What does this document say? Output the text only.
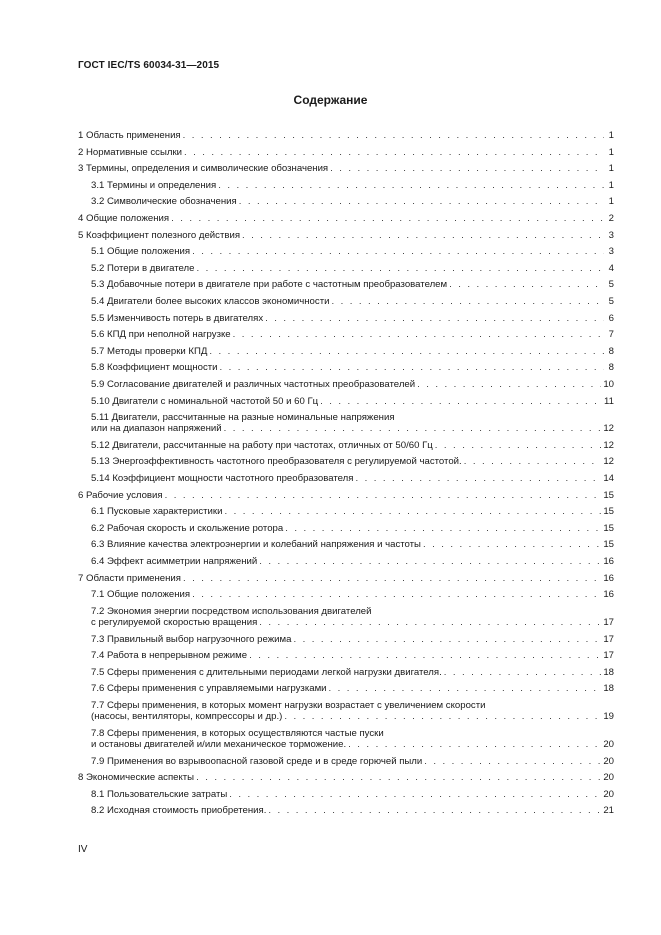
ГОСТ IEC/TS 60034-31—2015
Содержание
1 Область применения . . .	1
2 Нормативные ссылки . . .	1
3 Термины, определения и символические обозначения . . .	1
3.1 Термины и определения . . .	1
3.2 Символические обозначения . . .	1
4 Общие положения . . .	2
5 Коэффициент полезного действия . . .	3
5.1 Общие положения . . .	3
5.2 Потери в двигателе . . .	4
5.3 Добавочные потери в двигателе при работе с частотным преобразователем . . .	5
5.4 Двигатели более высоких классов экономичности . . .	5
5.5 Изменчивость потерь в двигателях . . .	6
5.6 КПД при неполной нагрузке . . .	7
5.7 Методы проверки КПД . . .	8
5.8 Коэффициент мощности . . .	8
5.9 Согласование двигателей и различных частотных преобразователей . . .	10
5.10 Двигатели с номинальной частотой 50 и 60 Гц . . .	11
5.11 Двигатели, рассчитанные на разные номинальные напряжения
или на диапазон напряжений . . .	12
5.12 Двигатели, рассчитанные на работу при частотах, отличных от 50/60 Гц . . .	12
5.13 Энергоэффективность частотного преобразователя с регулируемой частотой. . . .	12
5.14 Коэффициент мощности частотного преобразователя . . .	14
6 Рабочие условия . . .	15
6.1 Пусковые характеристики . . .	15
6.2 Рабочая скорость и скольжение ротора . . .	15
6.3 Влияние качества электроэнергии и колебаний напряжения и частоты . . .	15
6.4 Эффект асимметрии напряжений . . .	16
7 Области применения . . .	16
7.1 Общие положения . . .	16
7.2 Экономия энергии посредством использования двигателей
с регулируемой скоростью вращения . . .	17
7.3 Правильный выбор нагрузочного режима . . .	17
7.4 Работа в непрерывном режиме . . .	17
7.5 Сферы применения с длительными периодами легкой нагрузки двигателя. . . .	18
7.6 Сферы применения с управляемыми нагрузками . . .	18
7.7 Сферы применения, в которых момент нагрузки возрастает с увеличением скорости
(насосы, вентиляторы, компрессоры и др.) . . .	19
7.8 Сферы применения, в которых осуществляются частые пуски
и остановы двигателей и/или механическое торможение. . . .	20
7.9 Применения во взрывоопасной газовой среде и в среде горючей пыли . . .	20
8 Экономические аспекты . . .	20
8.1 Пользовательские затраты . . .	20
8.2 Исходная стоимость приобретения. . . .	21
IV
